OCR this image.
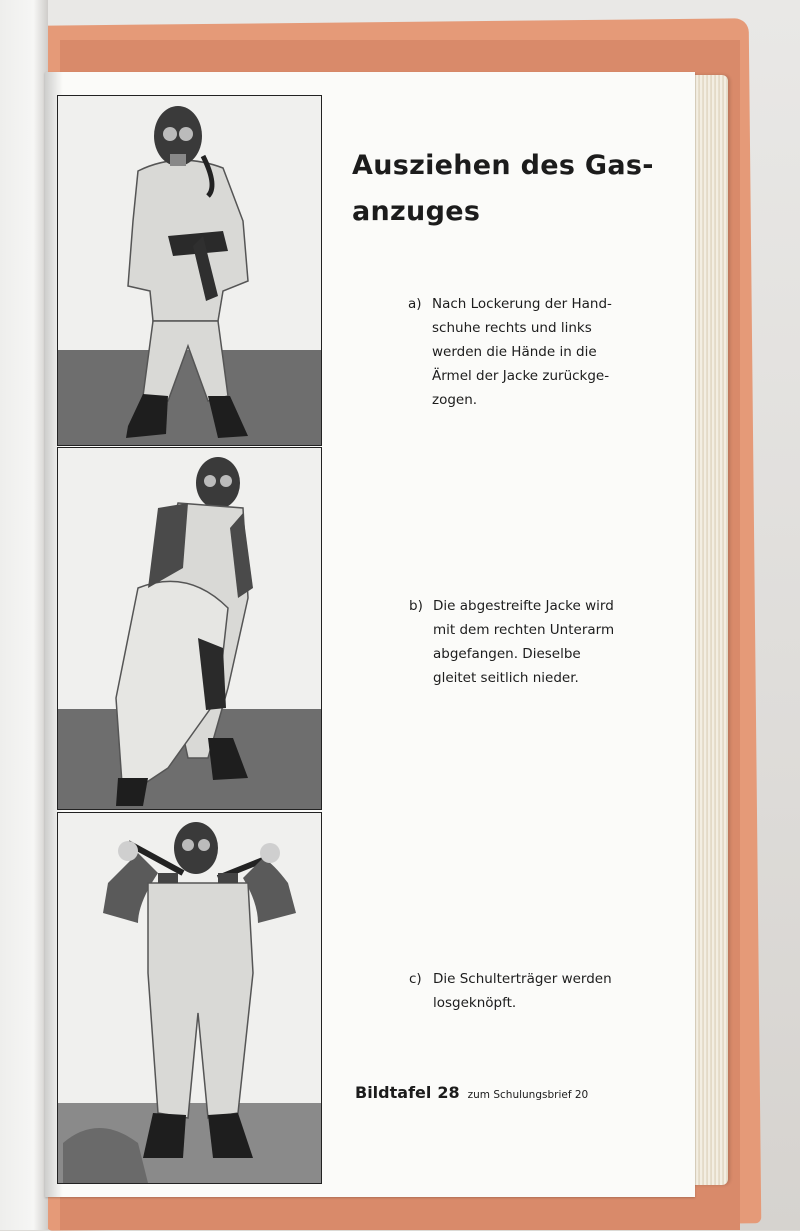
Ausziehen des Gas-
anzuges
a) Nach Lockerung der Hand-
schuhe rechts und links
werden die Hände in die
Ärmel der Jacke zurückge-
zogen.
b) Die abgestreifte Jacke wird
mit dem rechten Unterarm
abgefangen. Dieselbe
gleitet seitlich nieder.
c) Die Schulterträger werden
losgeknöpft.
Bildtafel 28 zum Schulungsbrief 20
